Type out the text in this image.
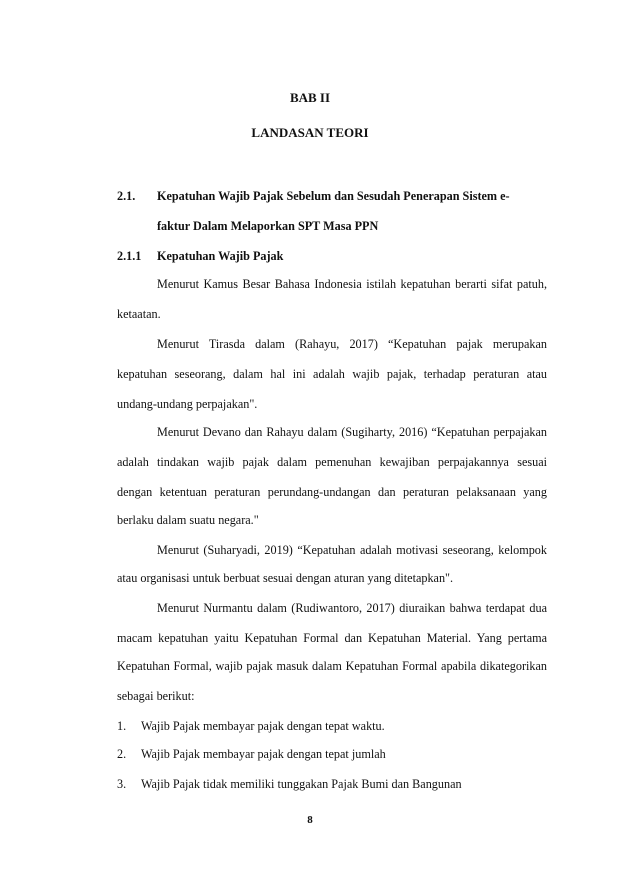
BAB II
LANDASAN TEORI
2.1. Kepatuhan Wajib Pajak Sebelum dan Sesudah Penerapan Sistem e-
faktur Dalam Melaporkan SPT Masa PPN
2.1.1 Kepatuhan Wajib Pajak
Menurut Kamus Besar Bahasa Indonesia istilah kepatuhan berarti sifat patuh,
ketaatan.
Menurut Tirasda dalam (Rahayu, 2017) “Kepatuhan pajak merupakan
kepatuhan seseorang, dalam hal ini adalah wajib pajak, terhadap peraturan atau
undang-undang perpajakan".
Menurut Devano dan Rahayu dalam (Sugiharty, 2016) “Kepatuhan perpajakan
adalah tindakan wajib pajak dalam pemenuhan kewajiban perpajakannya sesuai
dengan ketentuan peraturan perundang-undangan dan peraturan pelaksanaan yang
berlaku dalam suatu negara."
Menurut (Suharyadi, 2019) “Kepatuhan adalah motivasi seseorang, kelompok
atau organisasi untuk berbuat sesuai dengan aturan yang ditetapkan".
Menurut Nurmantu dalam (Rudiwantoro, 2017) diuraikan bahwa terdapat dua
macam kepatuhan yaitu Kepatuhan Formal dan Kepatuhan Material. Yang pertama
Kepatuhan Formal, wajib pajak masuk dalam Kepatuhan Formal apabila dikategorikan
sebagai berikut:
1. Wajib Pajak membayar pajak dengan tepat waktu.
2. Wajib Pajak membayar pajak dengan tepat jumlah
3. Wajib Pajak tidak memiliki tunggakan Pajak Bumi dan Bangunan
8
